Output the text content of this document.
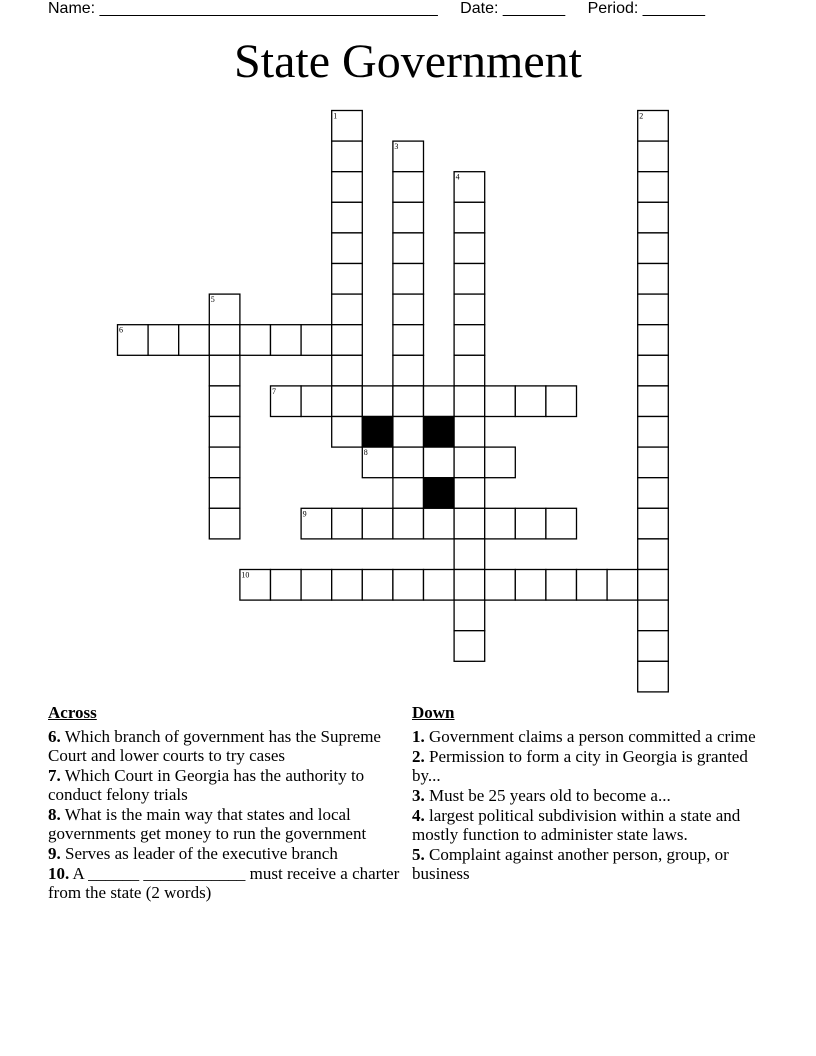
Name: ______________________________________ Date: _______ Period: _______
State Government
1	2
3
4
5
6
7
8
9
10
Across
6. Which branch of government has the Supreme Court and lower courts to try cases
7. Which Court in Georgia has the authority to conduct felony trials
8. What is the main way that states and local governments get money to run the government
9. Serves as leader of the executive branch
10. A ______ ____________ must receive a charter from the state (2 words)
Down
1. Government claims a person committed a crime
2. Permission to form a city in Georgia is granted by...
3. Must be 25 years old to become a...
4. largest political subdivision within a state and mostly function to administer state laws.
5. Complaint against another person, group, or business
